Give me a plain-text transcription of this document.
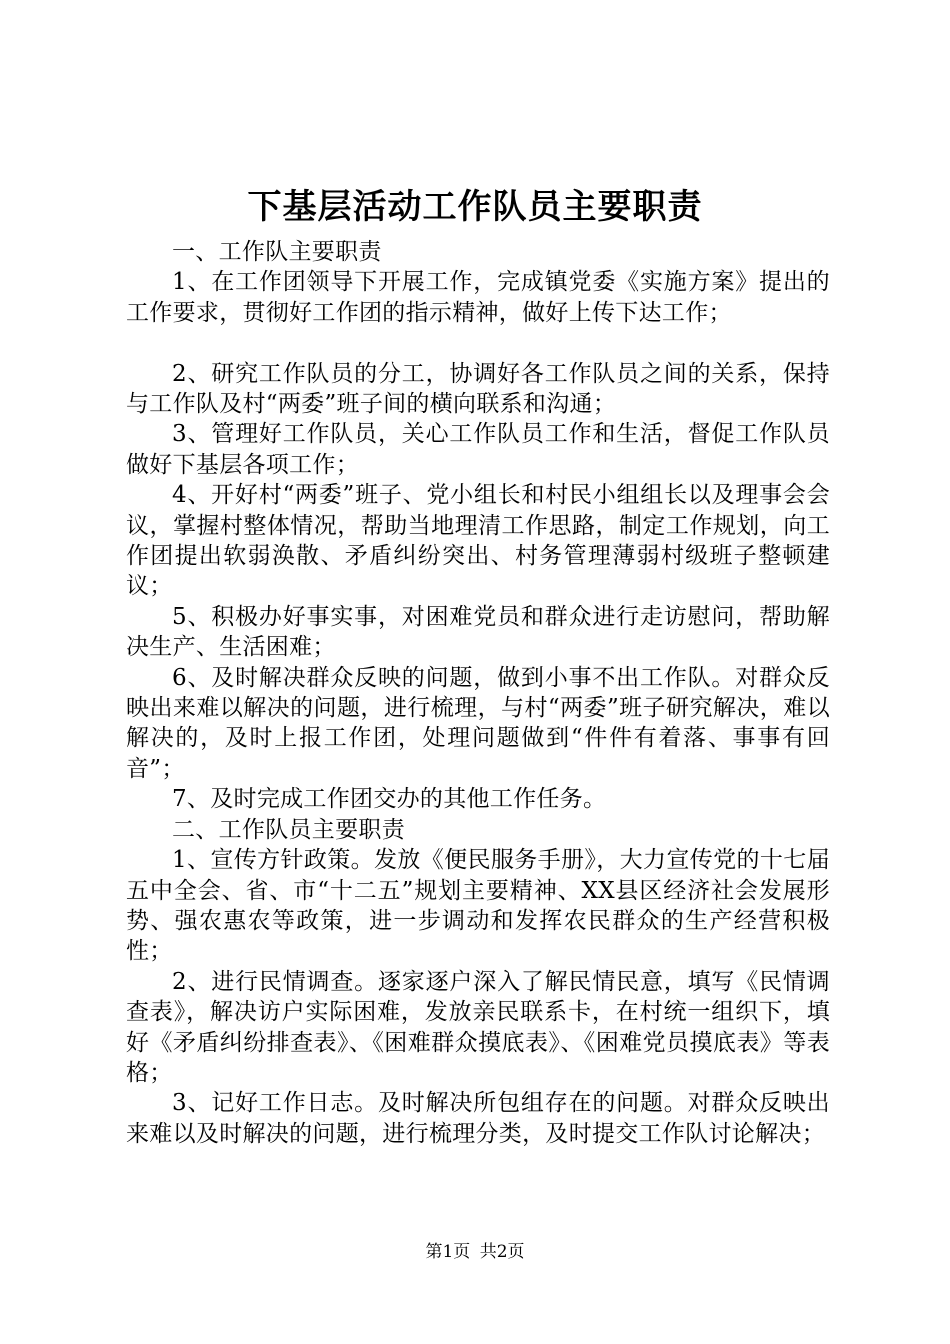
下基层活动工作队员主要职责

一、工作队主要职责

1、在工作团领导下开展工作，完成镇党委《实施方案》提出的工作要求，贯彻好工作团的指示精神，做好上传下达工作；

2、研究工作队员的分工，协调好各工作队员之间的关系，保持与工作队及村“两委”班子间的横向联系和沟通；

3、管理好工作队员，关心工作队员工作和生活，督促工作队员做好下基层各项工作；

4、开好村“两委”班子、党小组长和村民小组组长以及理事会会议，掌握村整体情况，帮助当地理清工作思路，制定工作规划，向工作团提出软弱涣散、矛盾纠纷突出、村务管理薄弱村级班子整顿建议；

5、积极办好事实事，对困难党员和群众进行走访慰问，帮助解决生产、生活困难；

6、及时解决群众反映的问题，做到小事不出工作队。对群众反映出来难以解决的问题，进行梳理，与村“两委”班子研究解决，难以解决的，及时上报工作团，处理问题做到“件件有着落、事事有回音”；

7、及时完成工作团交办的其他工作任务。

二、工作队员主要职责

1、宣传方针政策。发放《便民服务手册》，大力宣传党的十七届五中全会、省、市“十二五”规划主要精神、XX县区经济社会发展形势、强农惠农等政策，进一步调动和发挥农民群众的生产经营积极性；

2、进行民情调查。逐家逐户深入了解民情民意，填写《民情调查表》，解决访户实际困难，发放亲民联系卡，在村统一组织下，填好《矛盾纠纷排查表》、《困难群众摸底表》、《困难党员摸底表》等表格；

3、记好工作日志。及时解决所包组存在的问题。对群众反映出来难以及时解决的问题，进行梳理分类，及时提交工作队讨论解决；

第1页 共2页
